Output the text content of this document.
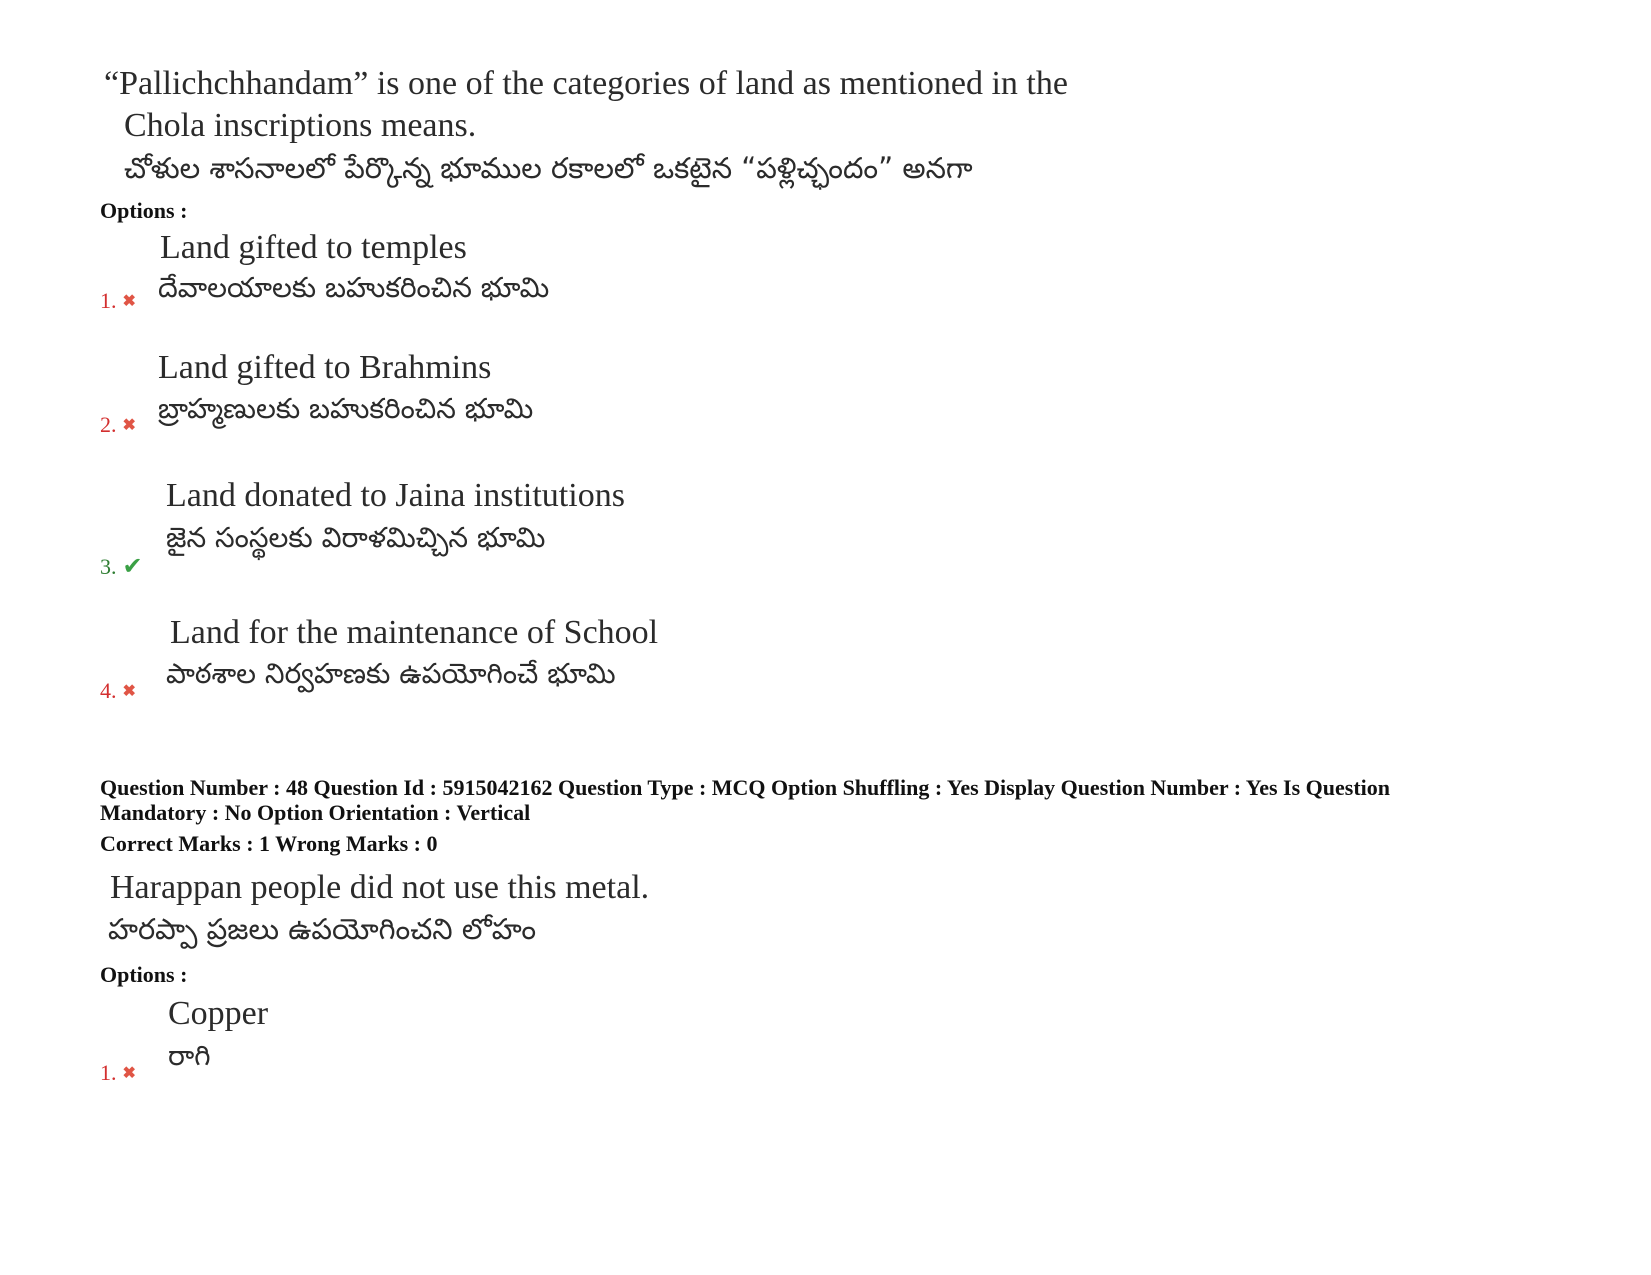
“Pallichchhandam” is one of the categories of land as mentioned in the
Chola inscriptions means.
చోళుల శాసనాలలో పేర్కొన్న భూముల రకాలలో ఒకటైన “పళ్లిచ్ఛందం” అనగా
Options :
Land gifted to temples
దేవాలయాలకు బహుకరించిన భూమి
1. ✖
Land gifted to Brahmins
బ్రాహ్మణులకు బహుకరించిన భూమి
2. ✖
Land donated to Jaina institutions
జైన సంస్థలకు విరాళమిచ్చిన భూమి
3. ✔
Land for the maintenance of School
పాఠశాల నిర్వహణకు ఉపయోగించే భూమి
4. ✖
Question Number : 48 Question Id : 5915042162 Question Type : MCQ Option Shuffling : Yes Display Question Number : Yes Is Question
Mandatory : No Option Orientation : Vertical
Correct Marks : 1 Wrong Marks : 0
Harappan people did not use this metal.
హరప్పా ప్రజలు ఉపయోగించని లోహం
Options :
Copper
రాగి
1. ✖
